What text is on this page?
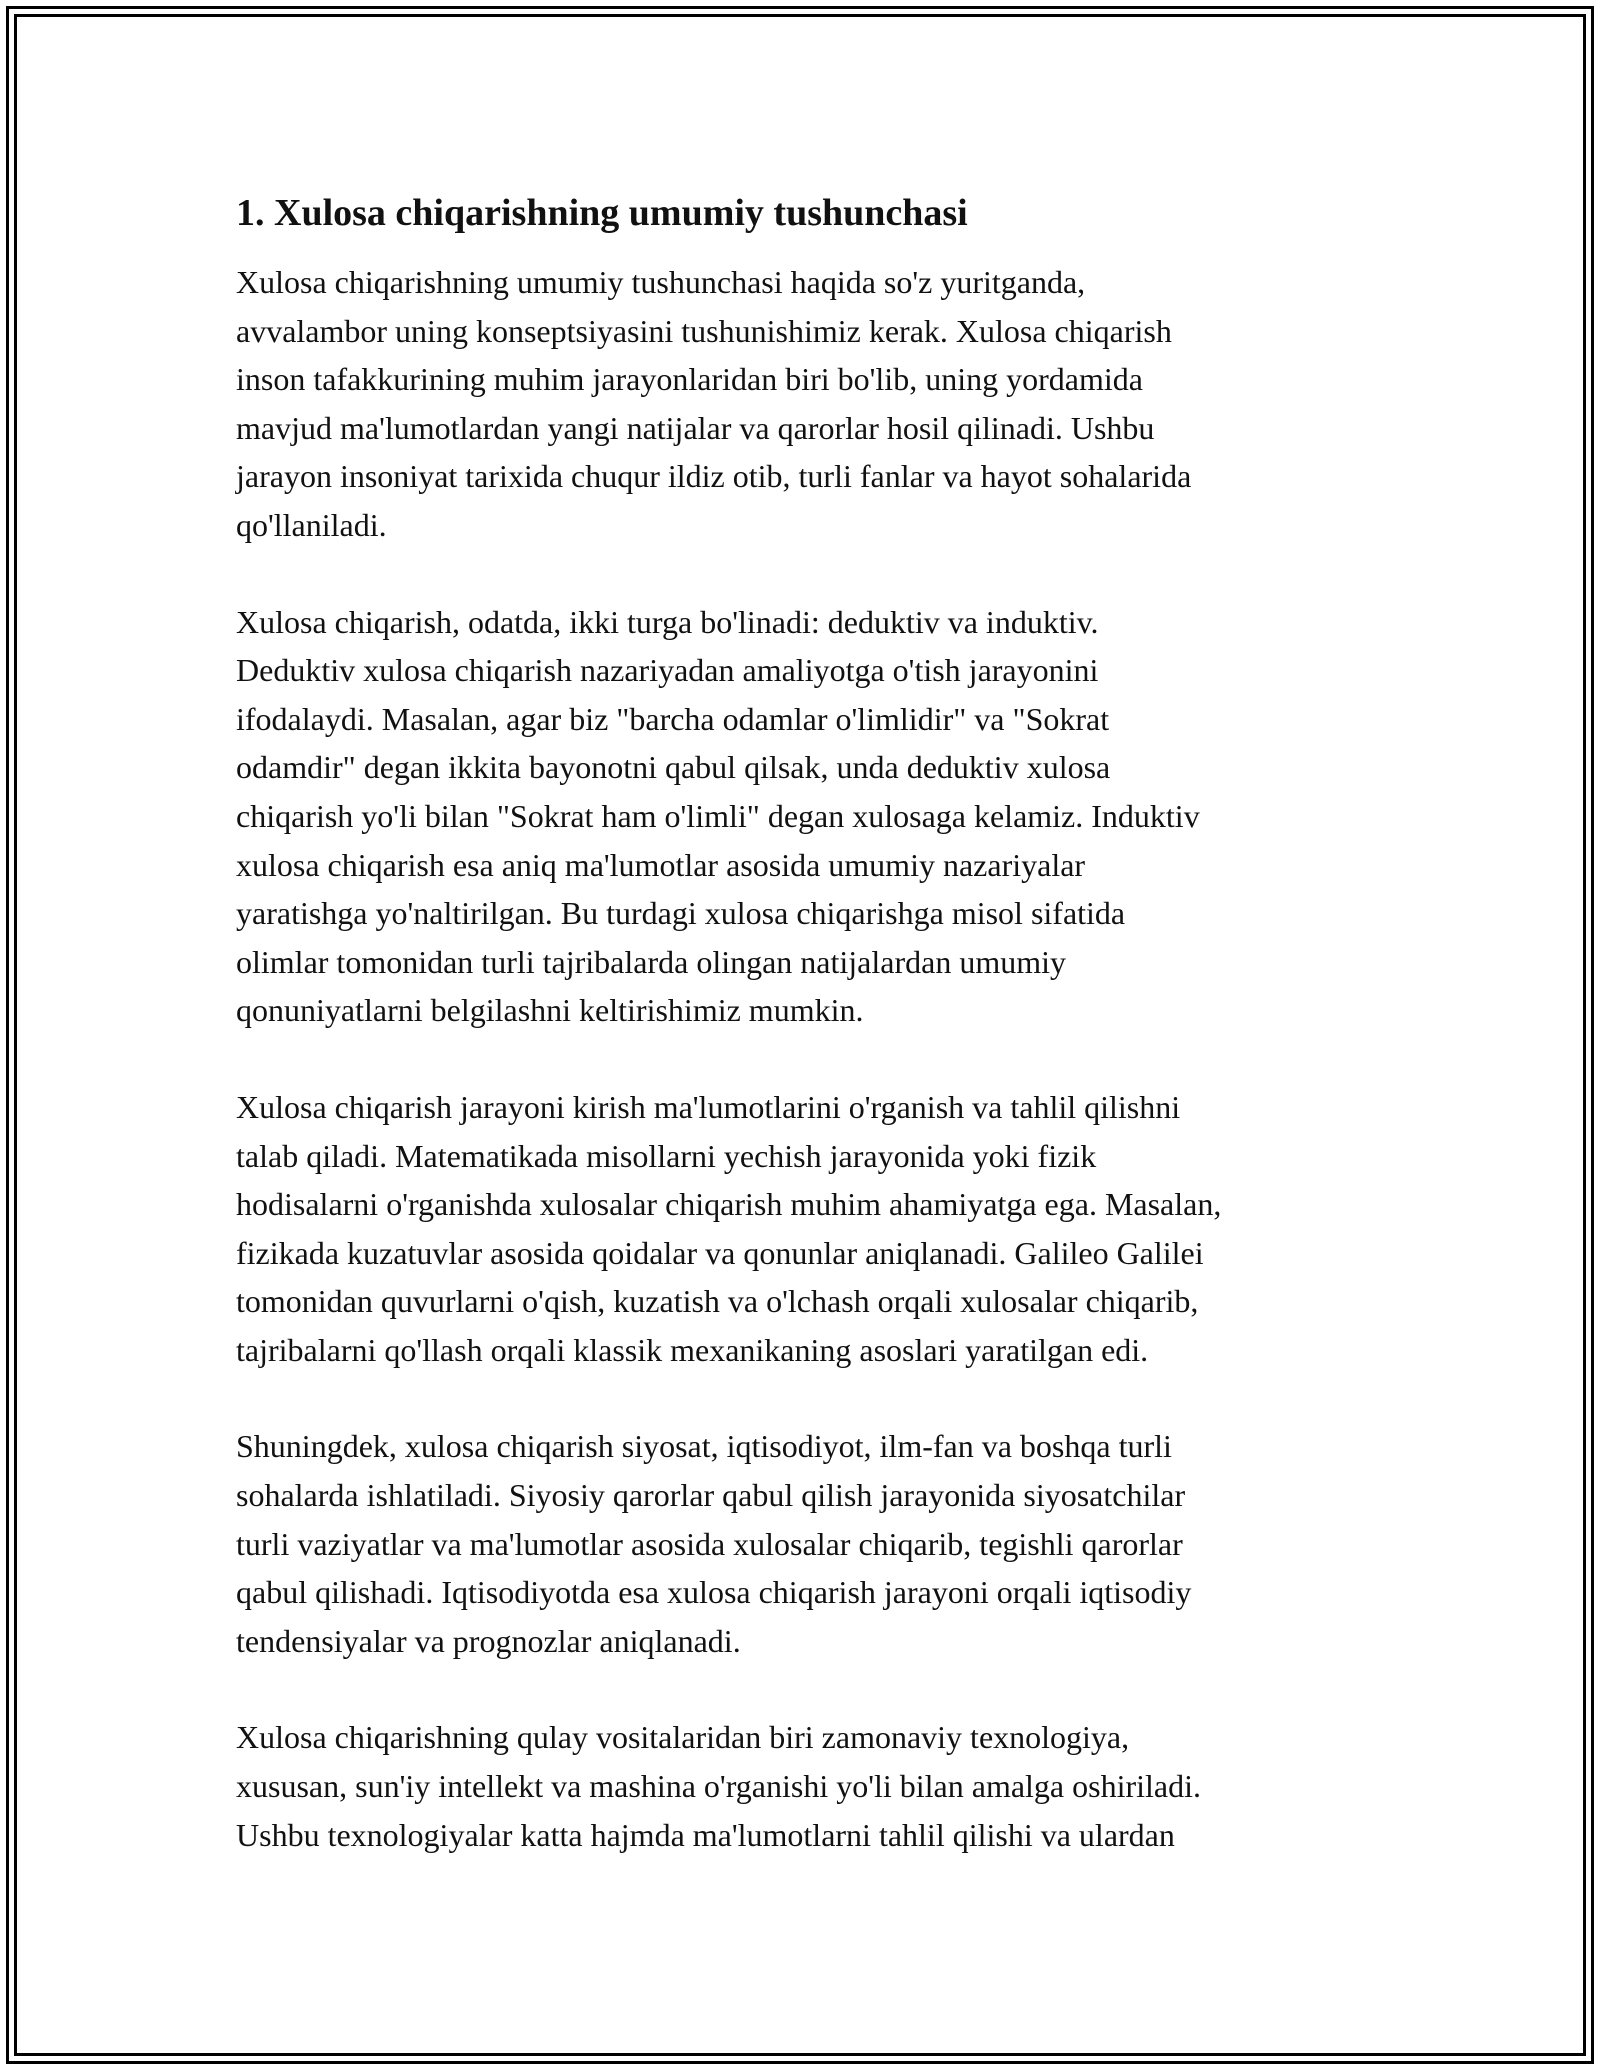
1. Xulosa chiqarishning umumiy tushunchasi

Xulosa chiqarishning umumiy tushunchasi haqida so'z yuritganda,
avvalambor uning konseptsiyasini tushunishimiz kerak. Xulosa chiqarish
inson tafakkurining muhim jarayonlaridan biri bo'lib, uning yordamida
mavjud ma'lumotlardan yangi natijalar va qarorlar hosil qilinadi. Ushbu
jarayon insoniyat tarixida chuqur ildiz otib, turli fanlar va hayot sohalarida
qo'llaniladi.

Xulosa chiqarish, odatda, ikki turga bo'linadi: deduktiv va induktiv.
Deduktiv xulosa chiqarish nazariyadan amaliyotga o'tish jarayonini
ifodalaydi. Masalan, agar biz "barcha odamlar o'limlidir" va "Sokrat
odamdir" degan ikkita bayonotni qabul qilsak, unda deduktiv xulosa
chiqarish yo'li bilan "Sokrat ham o'limli" degan xulosaga kelamiz. Induktiv
xulosa chiqarish esa aniq ma'lumotlar asosida umumiy nazariyalar
yaratishga yo'naltirilgan. Bu turdagi xulosa chiqarishga misol sifatida
olimlar tomonidan turli tajribalarda olingan natijalardan umumiy
qonuniyatlarni belgilashni keltirishimiz mumkin.

Xulosa chiqarish jarayoni kirish ma'lumotlarini o'rganish va tahlil qilishni
talab qiladi. Matematikada misollarni yechish jarayonida yoki fizik
hodisalarni o'rganishda xulosalar chiqarish muhim ahamiyatga ega. Masalan,
fizikada kuzatuvlar asosida qoidalar va qonunlar aniqlanadi. Galileo Galilei
tomonidan quvurlarni o'qish, kuzatish va o'lchash orqali xulosalar chiqarib,
tajribalarni qo'llash orqali klassik mexanikaning asoslari yaratilgan edi.

Shuningdek, xulosa chiqarish siyosat, iqtisodiyot, ilm-fan va boshqa turli
sohalarda ishlatiladi. Siyosiy qarorlar qabul qilish jarayonida siyosatchilar
turli vaziyatlar va ma'lumotlar asosida xulosalar chiqarib, tegishli qarorlar
qabul qilishadi. Iqtisodiyotda esa xulosa chiqarish jarayoni orqali iqtisodiy
tendensiyalar va prognozlar aniqlanadi.

Xulosa chiqarishning qulay vositalaridan biri zamonaviy texnologiya,
xususan, sun'iy intellekt va mashina o'rganishi yo'li bilan amalga oshiriladi.
Ushbu texnologiyalar katta hajmda ma'lumotlarni tahlil qilishi va ulardan
